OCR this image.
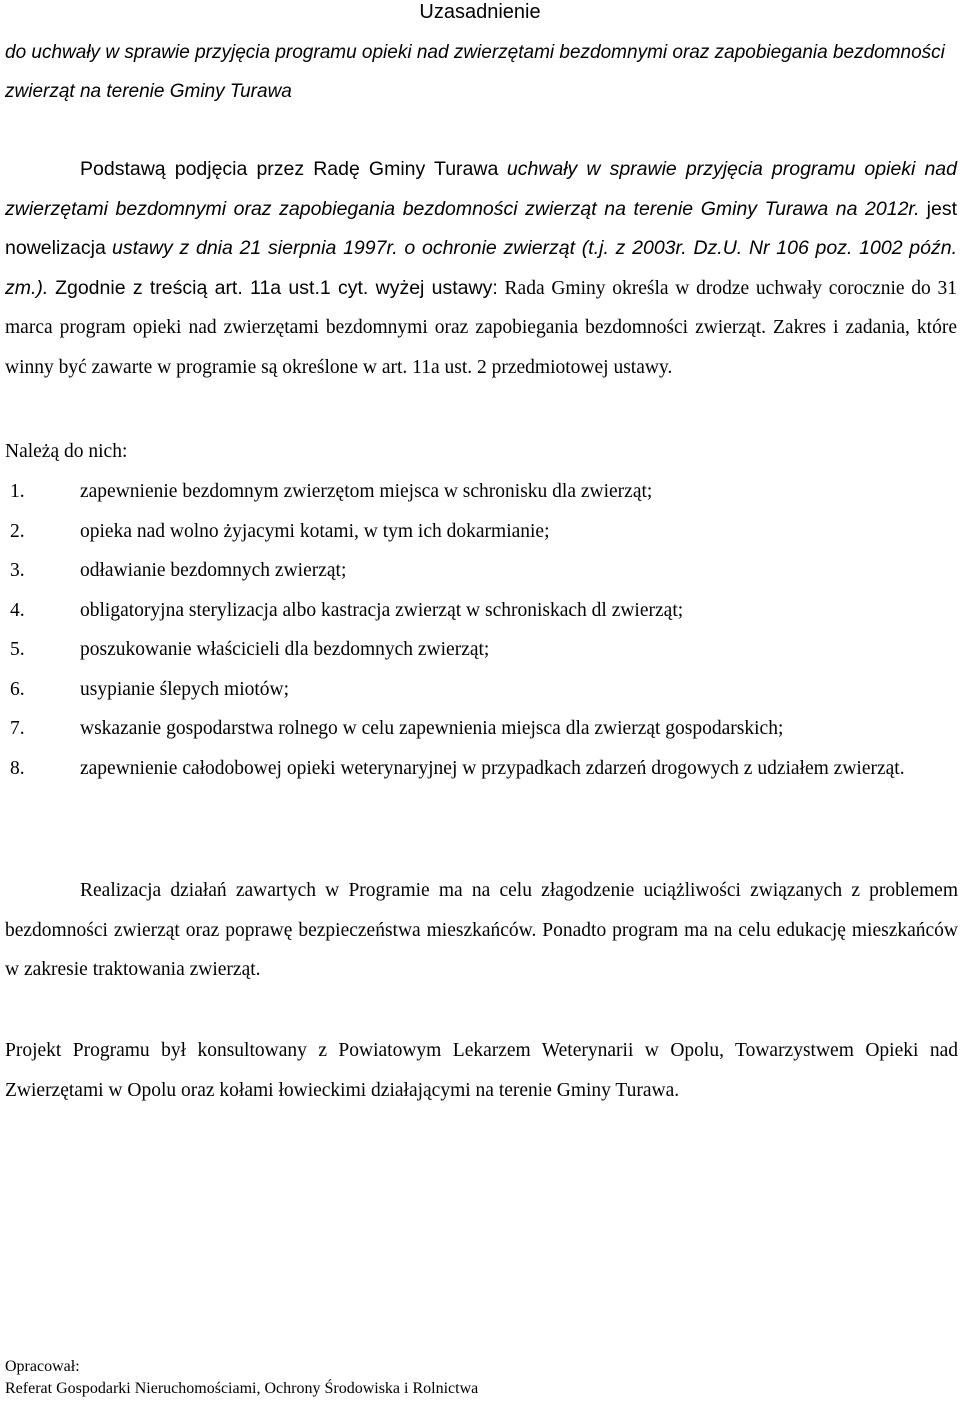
Uzasadnienie
do uchwały w sprawie przyjęcia programu opieki nad zwierzętami bezdomnymi oraz zapobiegania bezdomności zwierząt na terenie Gminy Turawa
Podstawą podjęcia przez Radę Gminy Turawa uchwały w sprawie przyjęcia programu opieki nad zwierzętami bezdomnymi oraz zapobiegania bezdomności zwierząt na terenie Gminy Turawa na 2012r. jest nowelizacja ustawy z dnia 21 sierpnia 1997r. o ochronie zwierząt (t.j. z 2003r. Dz.U. Nr 106 poz. 1002 późn. zm.). Zgodnie z treścią art. 11a ust.1 cyt. wyżej ustawy: Rada Gminy określa w drodze uchwały corocznie do 31 marca program opieki nad zwierzętami bezdomnymi oraz zapobiegania bezdomności zwierząt. Zakres i zadania, które winny być zawarte w programie są określone w art. 11a ust. 2 przedmiotowej ustawy.
Należą do nich:
1.	zapewnienie bezdomnym zwierzętom miejsca w schronisku dla zwierząt;
2.	opieka nad wolno żyjacymi kotami, w tym ich dokarmianie;
3.	odławianie bezdomnych zwierząt;
4.	obligatoryjna sterylizacja albo kastracja zwierząt w schroniskach dl zwierząt;
5.	poszukowanie właścicieli dla bezdomnych zwierząt;
6.	usypianie ślepych miotów;
7.	wskazanie gospodarstwa rolnego w celu zapewnienia miejsca dla zwierząt gospodarskich;
8.	zapewnienie całodobowej opieki weterynaryjnej w przypadkach zdarzeń drogowych z udziałem zwierząt.
Realizacja działań zawartych w Programie ma na celu złagodzenie uciążliwości związanych z problemem bezdomności zwierząt oraz poprawę bezpieczeństwa mieszkańców. Ponadto program ma na celu edukację mieszkańców w zakresie traktowania zwierząt.
Projekt Programu był konsultowany z Powiatowym Lekarzem Weterynarii w Opolu, Towarzystwem Opieki nad Zwierzętami w Opolu oraz kołami łowieckimi działającymi na terenie Gminy Turawa.
Opracował:
Referat Gospodarki Nieruchomościami, Ochrony Środowiska i Rolnictwa
